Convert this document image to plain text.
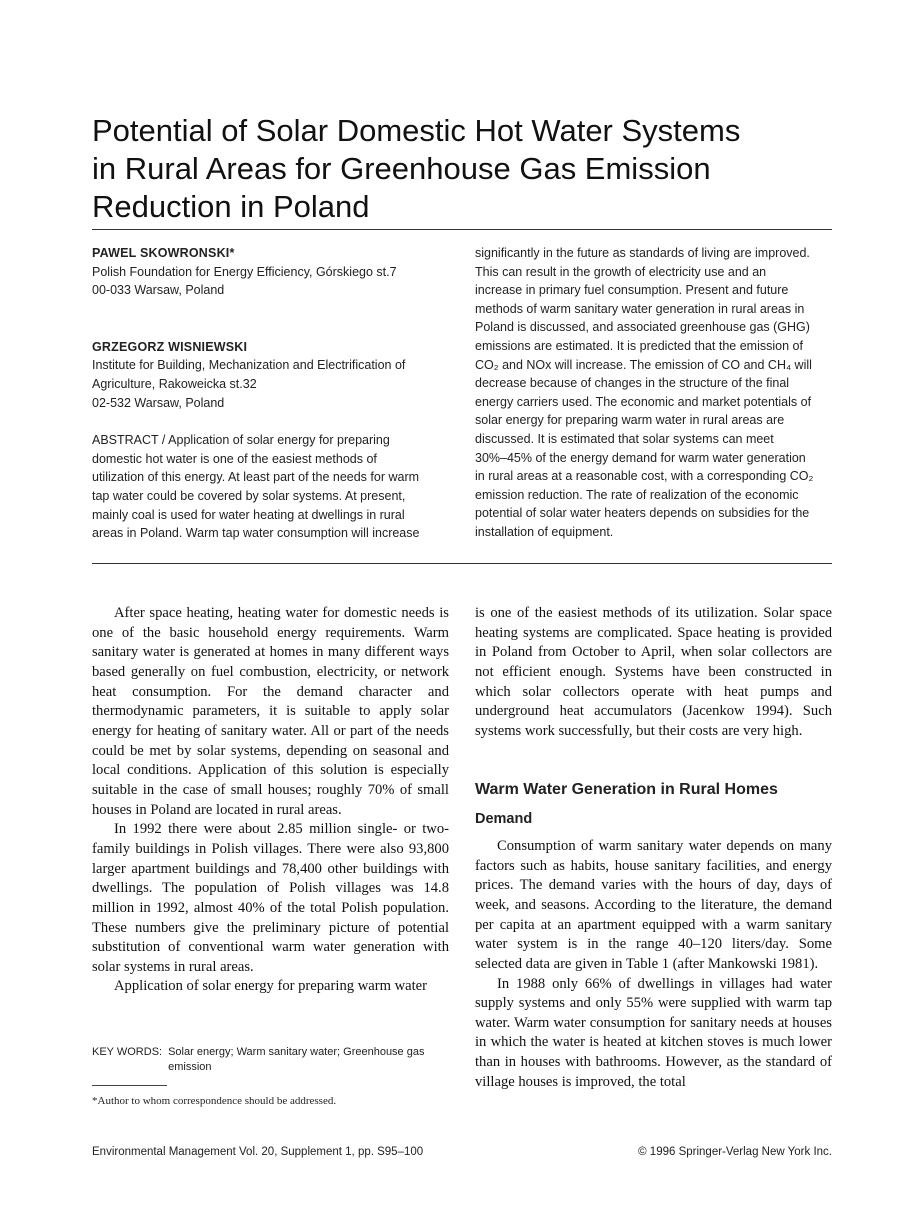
Potential of Solar Domestic Hot Water Systems
in Rural Areas for Greenhouse Gas Emission
Reduction in Poland
PAWEL SKOWRONSKI*
Polish Foundation for Energy Efficiency, Górskiego st.7
00-033 Warsaw, Poland
GRZEGORZ WISNIEWSKI
Institute for Building, Mechanization and Electrification of
Agriculture, Rakoweicka st.32
02-532 Warsaw, Poland
ABSTRACT / Application of solar energy for preparing
domestic hot water is one of the easiest methods of
utilization of this energy. At least part of the needs for warm
tap water could be covered by solar systems. At present,
mainly coal is used for water heating at dwellings in rural
areas in Poland. Warm tap water consumption will increase
significantly in the future as standards of living are improved.
This can result in the growth of electricity use and an
increase in primary fuel consumption. Present and future
methods of warm sanitary water generation in rural areas in
Poland is discussed, and associated greenhouse gas (GHG)
emissions are estimated. It is predicted that the emission of
CO₂ and NOx will increase. The emission of CO and CH₄ will
decrease because of changes in the structure of the final
energy carriers used. The economic and market potentials of
solar energy for preparing warm water in rural areas are
discussed. It is estimated that solar systems can meet
30%–45% of the energy demand for warm water generation
in rural areas at a reasonable cost, with a corresponding CO₂
emission reduction. The rate of realization of the economic
potential of solar water heaters depends on subsidies for the
installation of equipment.

After space heating, heating water for domestic needs is one of the basic household energy requirements. Warm sanitary water is generated at homes in many different ways based generally on fuel combustion, electricity, or network heat consumption. For the demand character and thermodynamic parameters, it is suitable to apply solar energy for heating of sanitary water. All or part of the needs could be met by solar systems, depending on seasonal and local conditions. Application of this solution is especially suitable in the case of small houses; roughly 70% of small houses in Poland are located in rural areas.

In 1992 there were about 2.85 million single- or two-family buildings in Polish villages. There were also 93,800 larger apartment buildings and 78,400 other buildings with dwellings. The population of Polish villages was 14.8 million in 1992, almost 40% of the total Polish population. These numbers give the preliminary picture of potential substitution of conventional warm water generation with solar systems in rural areas.

Application of solar energy for preparing warm water

KEY WORDS: Solar energy; Warm sanitary water; Greenhouse gas emission
*Author to whom correspondence should be addressed.

is one of the easiest methods of its utilization. Solar space heating systems are complicated. Space heating is provided in Poland from October to April, when solar collectors are not efficient enough. Systems have been constructed in which solar collectors operate with heat pumps and underground heat accumulators (Jacenkow 1994). Such systems work successfully, but their costs are very high.

Warm Water Generation in Rural Homes
Demand

Consumption of warm sanitary water depends on many factors such as habits, house sanitary facilities, and energy prices. The demand varies with the hours of day, days of week, and seasons. According to the literature, the demand per capita at an apartment equipped with a warm sanitary water system is in the range 40–120 liters/day. Some selected data are given in Table 1 (after Mankowski 1981).

In 1988 only 66% of dwellings in villages had water supply systems and only 55% were supplied with warm tap water. Warm water consumption for sanitary needs at houses in which the water is heated at kitchen stoves is much lower than in houses with bathrooms. However, as the standard of village houses is improved, the total

Environmental Management Vol. 20, Supplement 1, pp. S95–100	© 1996 Springer-Verlag New York Inc.
